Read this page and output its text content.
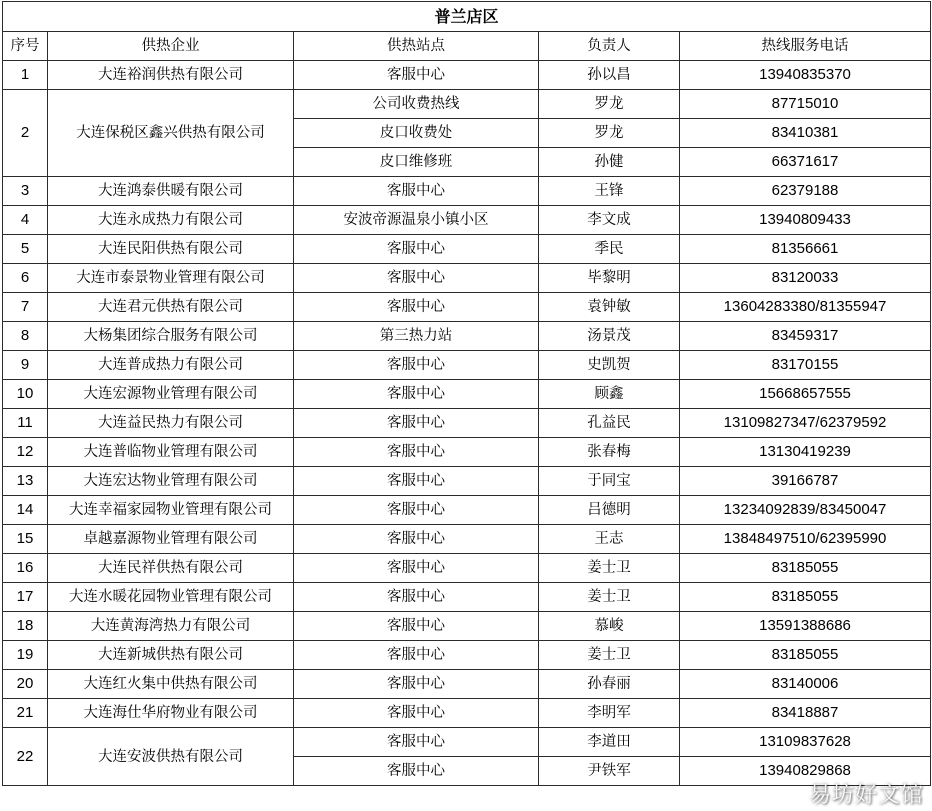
普兰店区				
序号	供热企业	供热站点	负责人	热线服务电话
1	大连裕润供热有限公司	客服中心	孙以昌	13940835370
2	大连保税区鑫兴供热有限公司	公司收费热线	罗龙	87715010
		皮口收费处	罗龙	83410381
		皮口维修班	孙健	66371617
3	大连鸿泰供暖有限公司	客服中心	王锋	62379188
4	大连永成热力有限公司	安波帝源温泉小镇小区	李文成	13940809433
5	大连民阳供热有限公司	客服中心	季民	81356661
6	大连市泰景物业管理有限公司	客服中心	毕黎明	83120033
7	大连君元供热有限公司	客服中心	袁钟敏	13604283380/81355947
8	大杨集团综合服务有限公司	第三热力站	汤景茂	83459317
9	大连普成热力有限公司	客服中心	史凯贺	83170155
10	大连宏源物业管理有限公司	客服中心	顾鑫	15668657555
11	大连益民热力有限公司	客服中心	孔益民	13109827347/62379592
12	大连普临物业管理有限公司	客服中心	张春梅	13130419239
13	大连宏达物业管理有限公司	客服中心	于同宝	39166787
14	大连幸福家园物业管理有限公司	客服中心	吕德明	13234092839/83450047
15	卓越嘉源物业管理有限公司	客服中心	王志	13848497510/62395990
16	大连民祥供热有限公司	客服中心	姜士卫	83185055
17	大连水暖花园物业管理有限公司	客服中心	姜士卫	83185055
18	大连黄海湾热力有限公司	客服中心	慕峻	13591388686
19	大连新城供热有限公司	客服中心	姜士卫	83185055
20	大连红火集中供热有限公司	客服中心	孙春丽	83140006
21	大连海仕华府物业有限公司	客服中心	李明军	83418887
22	大连安波供热有限公司	客服中心	李道田	13109837628
		客服中心	尹铁军	13940829868
易坊好文馆
